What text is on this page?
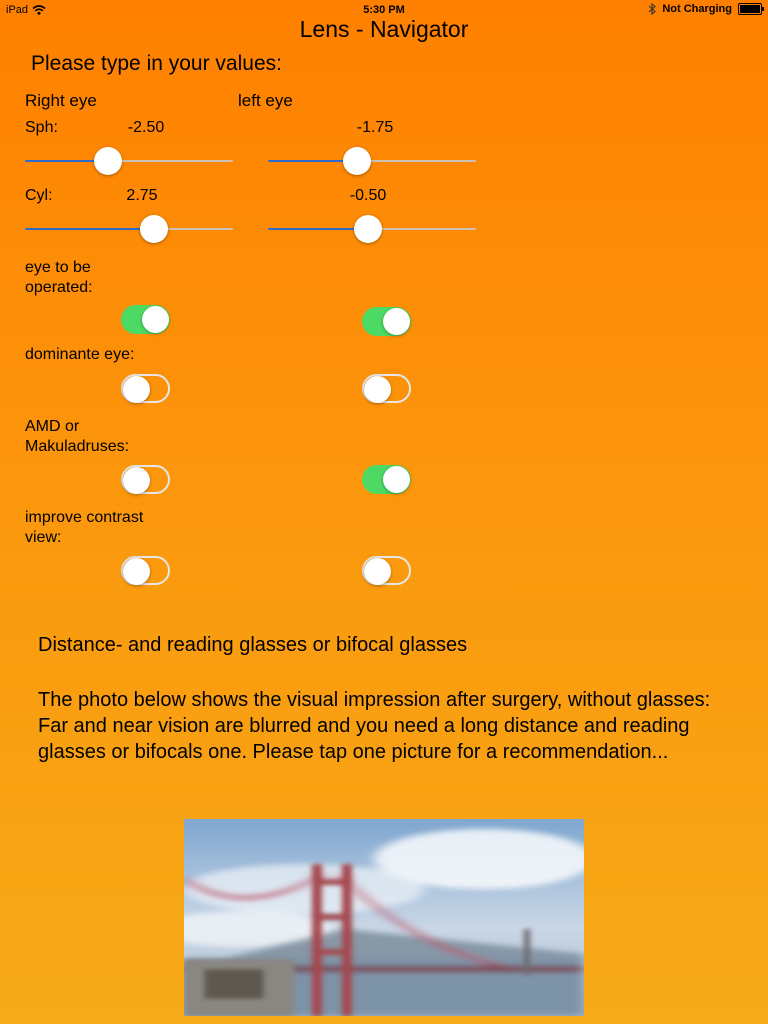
iPad	5:30 PM	Not Charging
Lens - Navigator
Please type in your values:
Right eye	left eye
Sph:	-2.50	-1.75
Cyl:	2.75	-0.50
eye to be operated:
dominante eye:
AMD or Makuladruses:
improve contrast view:
Distance- and reading glasses or bifocal glasses
The photo below shows the visual impression after surgery, without glasses:
Far and near vision are blurred and you need a long distance and reading glasses or bifocals one. Please tap one picture for a recommendation...
